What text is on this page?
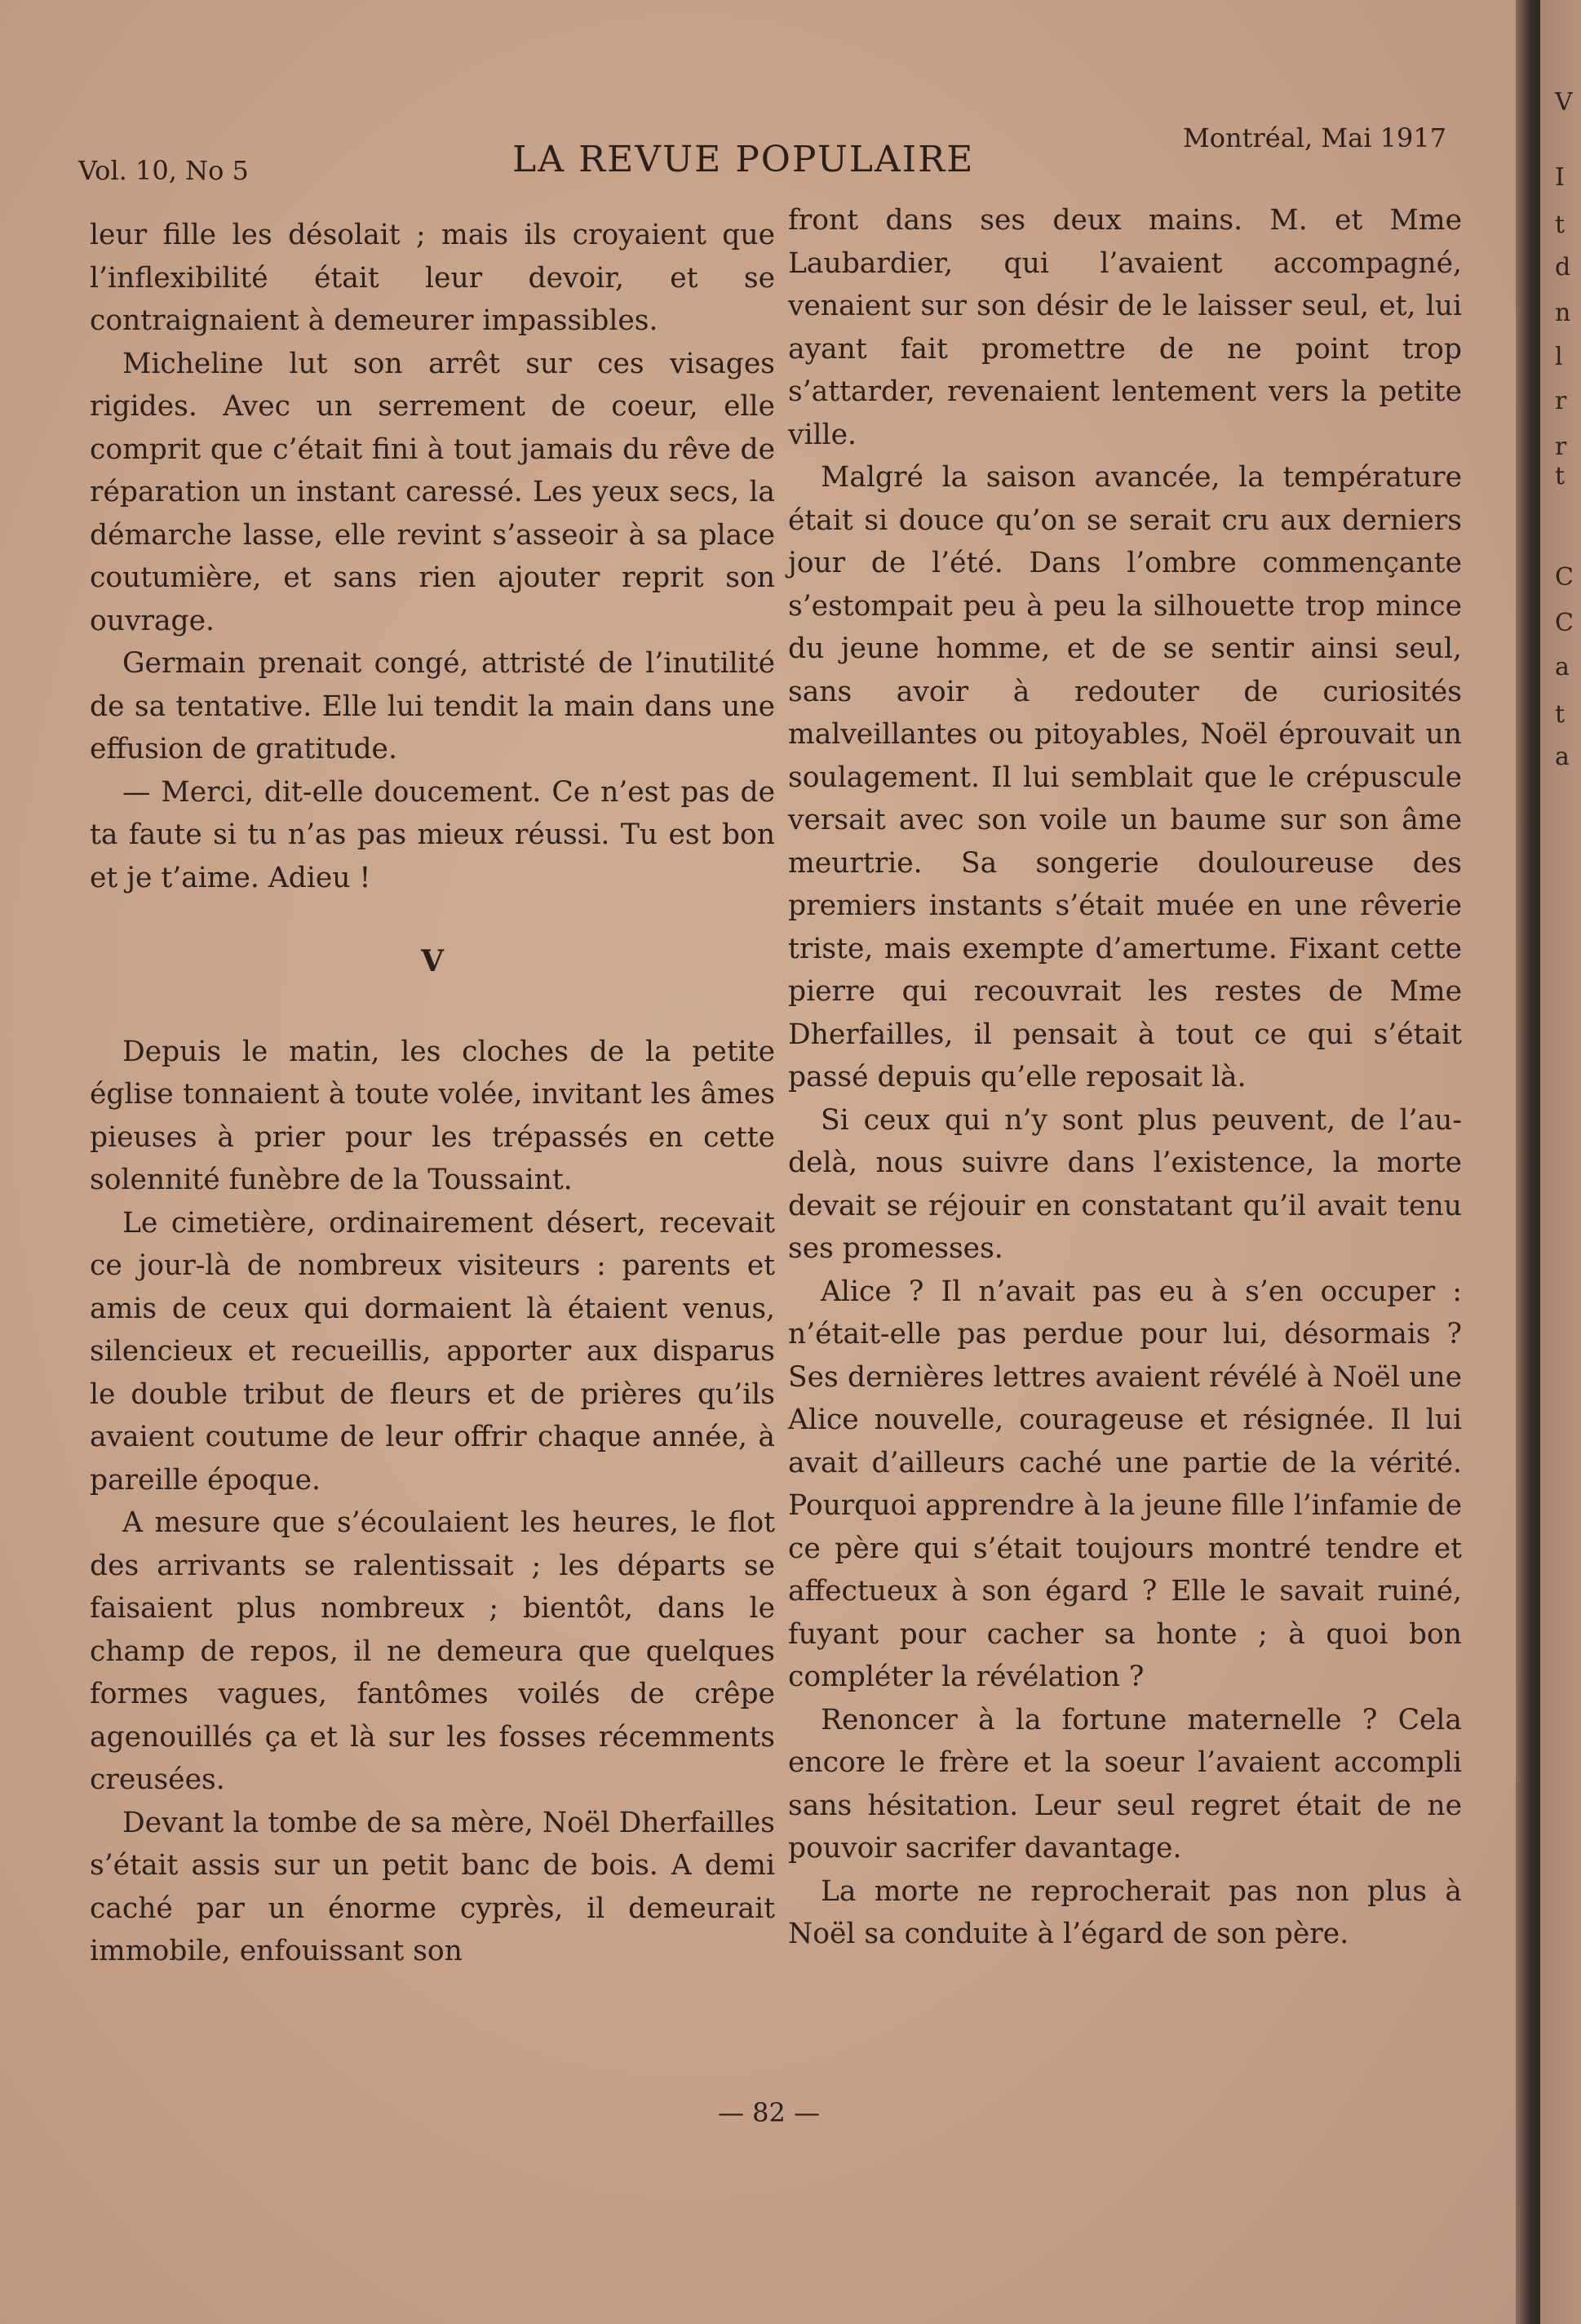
Vol. 10, No 5	LA REVUE POPULAIRE
Montréal, Mai 1917

leur fille les désolait ; mais ils croyaient que l’inflexibilité était leur devoir, et se contraignaient à demeurer impassibles.

Micheline lut son arrêt sur ces visages rigides. Avec un serrement de coeur, elle comprit que c’était fini à tout jamais du rêve de réparation un instant caressé. Les yeux secs, la démarche lasse, elle revint s’asseoir à sa place coutumière, et sans rien ajouter reprit son ouvrage.

Germain prenait congé, attristé de l’inutilité de sa tentative. Elle lui tendit la main dans une effusion de gratitude.

— Merci, dit-elle doucement. Ce n’est pas de ta faute si tu n’as pas mieux réussi. Tu est bon et je t’aime. Adieu !

V

Depuis le matin, les cloches de la petite église tonnaient à toute volée, invitant les âmes pieuses à prier pour les trépassés en cette solennité funèbre de la Toussaint.

Le cimetière, ordinairement désert, recevait ce jour-là de nombreux visiteurs : parents et amis de ceux qui dormaient là étaient venus, silencieux et recueillis, apporter aux disparus le double tribut de fleurs et de prières qu’ils avaient coutume de leur offrir chaque année, à pareille époque.

A mesure que s’écoulaient les heures, le flot des arrivants se ralentissait ; les départs se faisaient plus nombreux ; bientôt, dans le champ de repos, il ne demeura que quelques formes vagues, fantômes voilés de crêpe agenouillés ça et là sur les fosses récemments creusées.

Devant la tombe de sa mère, Noël Dherfailles s’était assis sur un petit banc de bois. A demi caché par un énorme cyprès, il demeurait immobile, enfouissant son

front dans ses deux mains. M. et Mme Laubardier, qui l’avaient accompagné, venaient sur son désir de le laisser seul, et, lui ayant fait promettre de ne point trop s’attarder, revenaient lentement vers la petite ville.

Malgré la saison avancée, la température était si douce qu’on se serait cru aux derniers jour de l’été. Dans l’ombre commençante s’estompait peu à peu la silhouette trop mince du jeune homme, et de se sentir ainsi seul, sans avoir à redouter de curiosités malveillantes ou pitoyables, Noël éprouvait un soulagement. Il lui semblait que le crépuscule versait avec son voile un baume sur son âme meurtrie. Sa songerie douloureuse des premiers instants s’était muée en une rêverie triste, mais exempte d’amertume. Fixant cette pierre qui recouvrait les restes de Mme Dherfailles, il pensait à tout ce qui s’était passé depuis qu’elle reposait là.

Si ceux qui n’y sont plus peuvent, de l’au-delà, nous suivre dans l’existence, la morte devait se réjouir en constatant qu’il avait tenu ses promesses.

Alice ? Il n’avait pas eu à s’en occuper : n’était-elle pas perdue pour lui, désormais ? Ses dernières lettres avaient révélé à Noël une Alice nouvelle, courageuse et résignée. Il lui avait d’ailleurs caché une partie de la vérité. Pourquoi apprendre à la jeune fille l’infamie de ce père qui s’était toujours montré tendre et affectueux à son égard ? Elle le savait ruiné, fuyant pour cacher sa honte ; à quoi bon compléter la révélation ?

Renoncer à la fortune maternelle ? Cela encore le frère et la soeur l’avaient accompli sans hésitation. Leur seul regret était de ne pouvoir sacrifer davantage.

La morte ne reprocherait pas non plus à Noël sa conduite à l’égard de son père.

— 82 —
V
I
t
d
n
l
r
r
t
C
C
a
t
a
